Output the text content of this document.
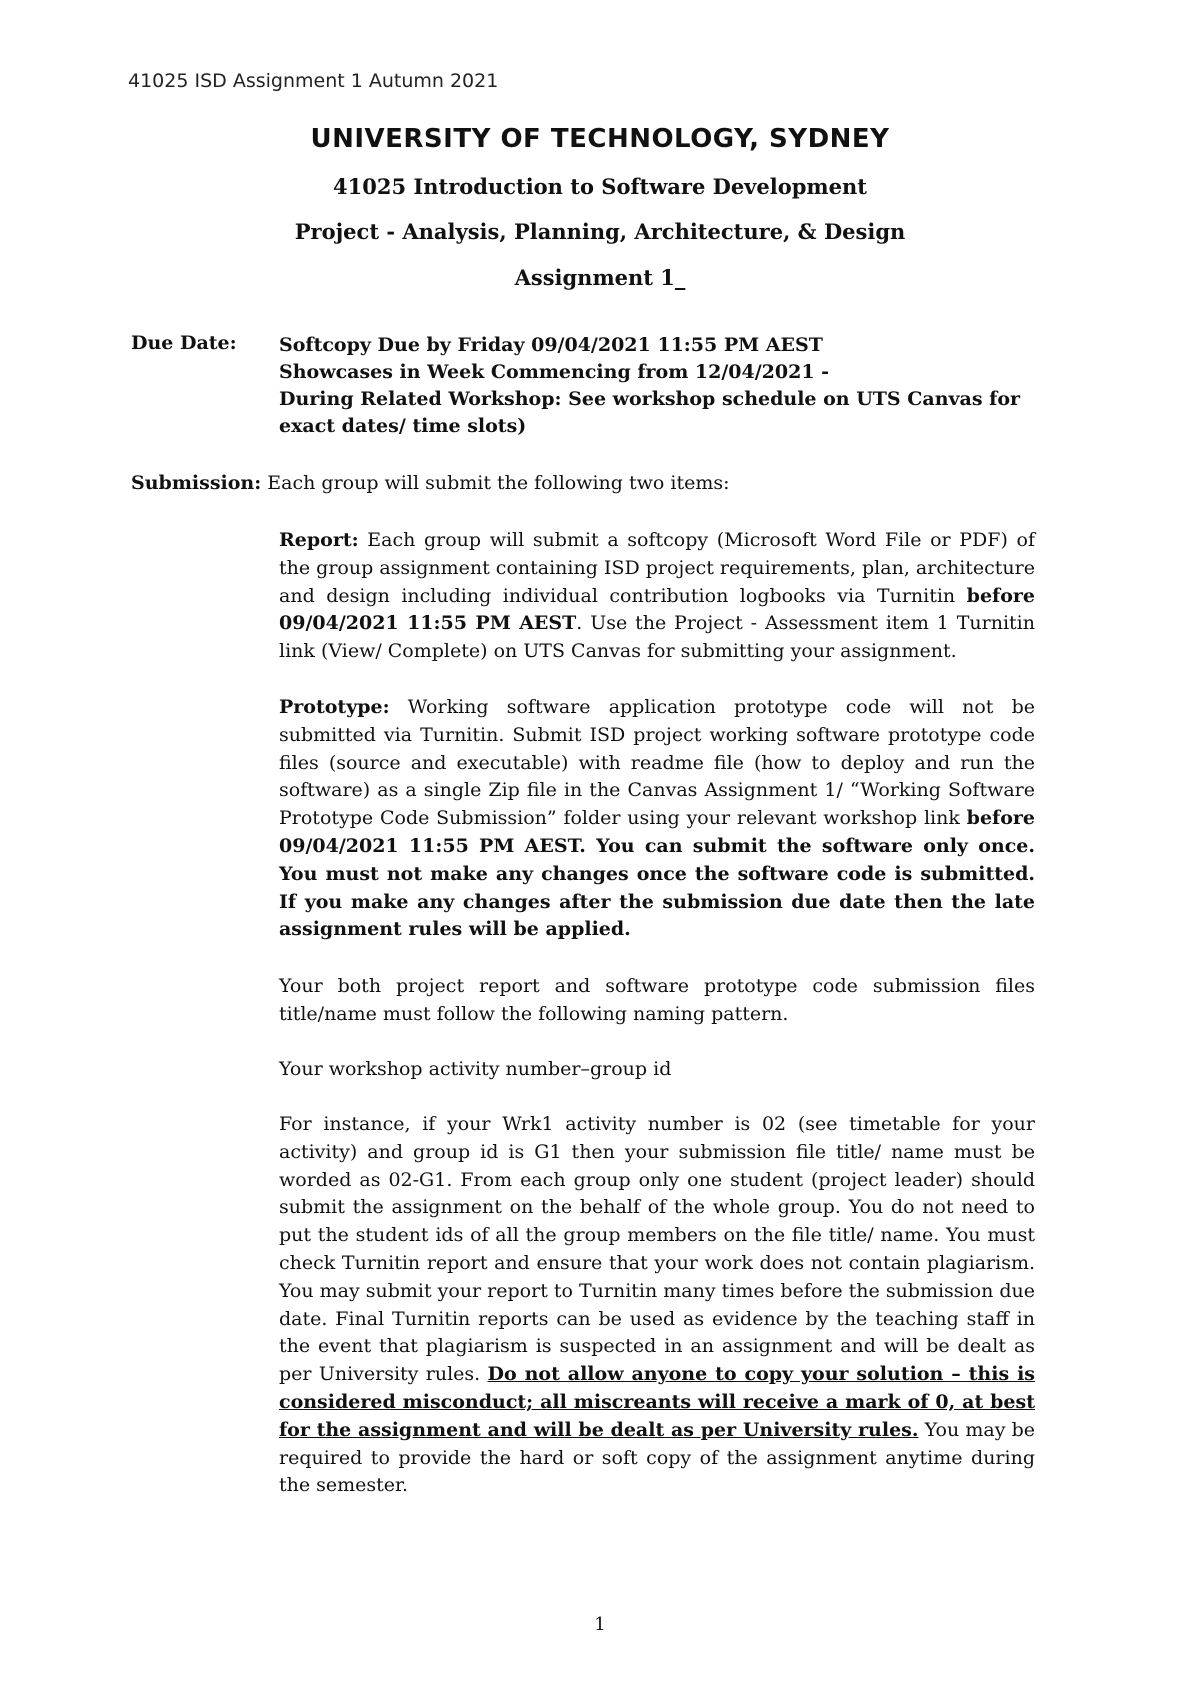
41025 ISD Assignment 1 Autumn 2021
UNIVERSITY OF TECHNOLOGY, SYDNEY
41025 Introduction to Software Development
Project - Analysis, Planning, Architecture, & Design
Assignment 1_
Due Date: Softcopy Due by Friday 09/04/2021 11:55 PM AEST
Showcases in Week Commencing from 12/04/2021 -
During Related Workshop: See workshop schedule on UTS Canvas for exact dates/ time slots)
Submission: Each group will submit the following two items:

Report: Each group will submit a softcopy (Microsoft Word File or PDF) of the group assignment containing ISD project requirements, plan, architecture and design including individual contribution logbooks via Turnitin before 09/04/2021 11:55 PM AEST. Use the Project - Assessment item 1 Turnitin link (View/ Complete) on UTS Canvas for submitting your assignment.

Prototype: Working software application prototype code will not be submitted via Turnitin. Submit ISD project working software prototype code files (source and executable) with readme file (how to deploy and run the software) as a single Zip file in the Canvas Assignment 1/ “Working Software Prototype Code Submission” folder using your relevant workshop link before 09/04/2021 11:55 PM AEST. You can submit the software only once. You must not make any changes once the software code is submitted. If you make any changes after the submission due date then the late assignment rules will be applied.

Your both project report and software prototype code submission files title/name must follow the following naming pattern.

Your workshop activity number–group id

For instance, if your Wrk1 activity number is 02 (see timetable for your activity) and group id is G1 then your submission file title/ name must be worded as 02-G1. From each group only one student (project leader) should submit the assignment on the behalf of the whole group. You do not need to put the student ids of all the group members on the file title/ name. You must check Turnitin report and ensure that your work does not contain plagiarism. You may submit your report to Turnitin many times before the submission due date. Final Turnitin reports can be used as evidence by the teaching staff in the event that plagiarism is suspected in an assignment and will be dealt as per University rules. Do not allow anyone to copy your solution – this is considered misconduct; all miscreants will receive a mark of 0, at best for the assignment and will be dealt as per University rules. You may be required to provide the hard or soft copy of the assignment anytime during the semester.

1
